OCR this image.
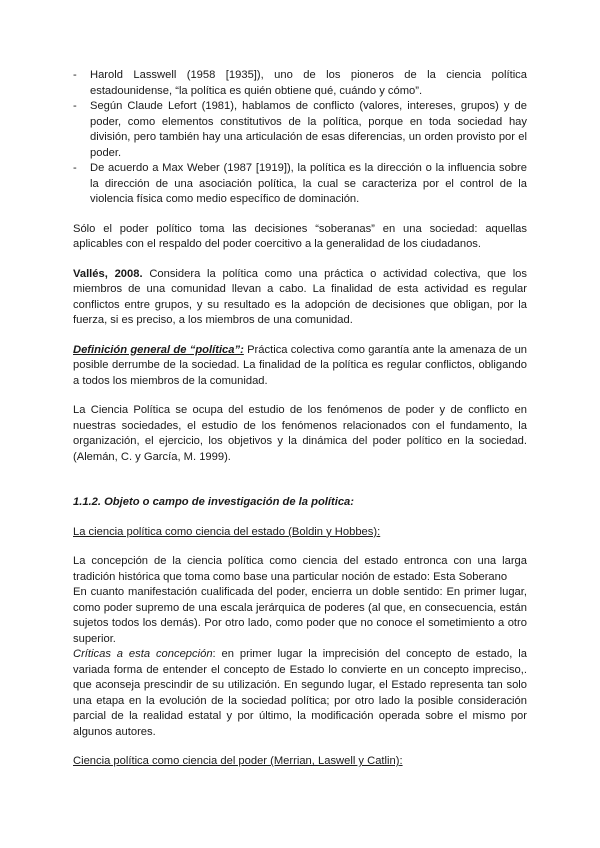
- Harold Lasswell (1958 [1935]), uno de los pioneros de la ciencia política estadounidense, “la política es quién obtiene qué, cuándo y cómo”.
- Según Claude Lefort (1981), hablamos de conflicto (valores, intereses, grupos) y de poder, como elementos constitutivos de la política, porque en toda sociedad hay división, pero también hay una articulación de esas diferencias, un orden provisto por el poder.
- De acuerdo a Max Weber (1987 [1919]), la política es la dirección o la influencia sobre la dirección de una asociación política, la cual se caracteriza por el control de la violencia física como medio específico de dominación.

Sólo el poder político toma las decisiones “soberanas” en una sociedad: aquellas aplicables con el respaldo del poder coercitivo a la generalidad de los ciudadanos.

Vallés, 2008. Considera la política como una práctica o actividad colectiva, que los miembros de una comunidad llevan a cabo. La finalidad de esta actividad es regular conflictos entre grupos, y su resultado es la adopción de decisiones que obligan, por la fuerza, si es preciso, a los miembros de una comunidad.

Definición general de “política”: Práctica colectiva como garantía ante la amenaza de un posible derrumbe de la sociedad. La finalidad de la política es regular conflictos, obligando a todos los miembros de la comunidad.

La Ciencia Política se ocupa del estudio de los fenómenos de poder y de conflicto en nuestras sociedades, el estudio de los fenómenos relacionados con el fundamento, la organización, el ejercicio, los objetivos y la dinámica del poder político en la sociedad. (Alemán, C. y García, M. 1999).

1.1.2. Objeto o campo de investigación de la política:

La ciencia política como ciencia del estado (Boldin y Hobbes):

La concepción de la ciencia política como ciencia del estado entronca con una larga tradición histórica que toma como base una particular noción de estado: Esta Soberano

En cuanto manifestación cualificada del poder, encierra un doble sentido: En primer lugar, como poder supremo de una escala jerárquica de poderes (al que, en consecuencia, están sujetos todos los demás). Por otro lado, como poder que no conoce el sometimiento a otro superior.

Críticas a esta concepción: en primer lugar la imprecisión del concepto de estado, la variada forma de entender el concepto de Estado lo convierte en un concepto impreciso,. que aconseja prescindir de su utilización. En segundo lugar, el Estado representa tan solo una etapa en la evolución de la sociedad política; por otro lado la posible consideración parcial de la realidad estatal y por último, la modificación operada sobre el mismo por algunos autores.

Ciencia política como ciencia del poder (Merrian, Laswell y Catlin):
